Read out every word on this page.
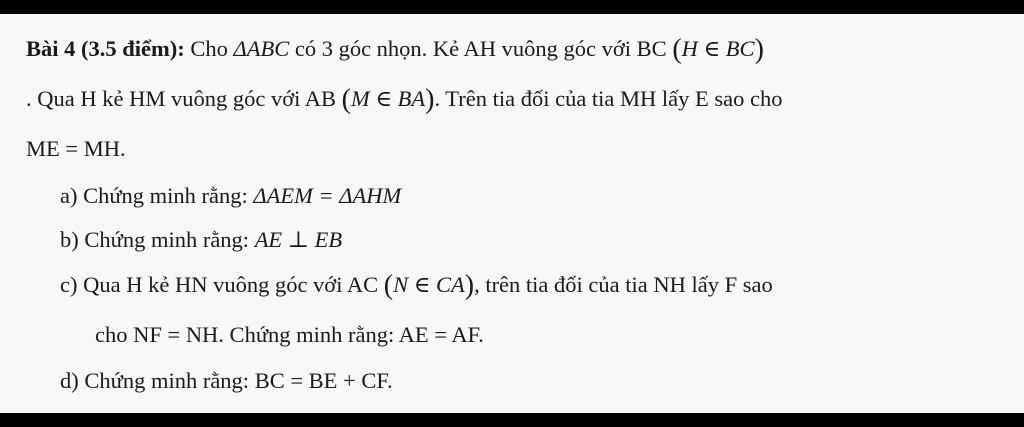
Bài 4 (3.5 điểm): Cho ΔABC có 3 góc nhọn. Kẻ AH vuông góc với BC (H ∈ BC)
. Qua H kẻ HM vuông góc với AB (M ∈ BA). Trên tia đối của tia MH lấy E sao cho
ME = MH.
a) Chứng minh rằng: ΔAEM = ΔAHM
b) Chứng minh rằng: AE ⊥ EB
c) Qua H kẻ HN vuông góc với AC (N ∈ CA), trên tia đối của tia NH lấy F sao
cho NF = NH. Chứng minh rằng: AE = AF.
d) Chứng minh rằng: BC = BE + CF.
